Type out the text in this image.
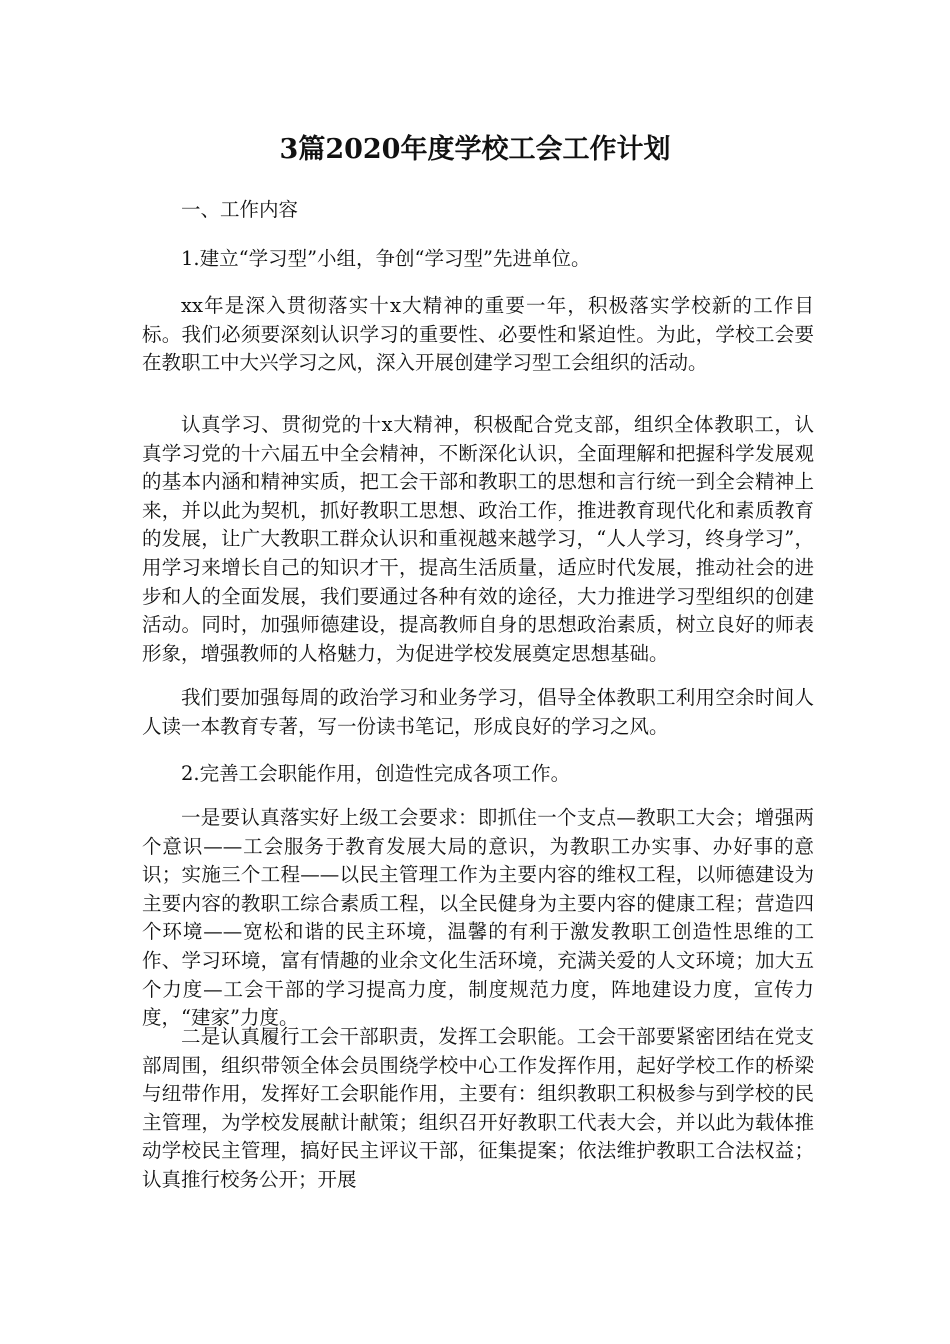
3篇2020年度学校工会工作计划

一、工作内容

1.建立“学习型”小组，争创“学习型”先进单位。

xx年是深入贯彻落实十x大精神的重要一年，积极落实学校新的工作目标。我们必须要深刻认识学习的重要性、必要性和紧迫性。为此，学校工会要在教职工中大兴学习之风，深入开展创建学习型工会组织的活动。

认真学习、贯彻党的十x大精神，积极配合党支部，组织全体教职工，认真学习党的十六届五中全会精神，不断深化认识，全面理解和把握科学发展观的基本内涵和精神实质，把工会干部和教职工的思想和言行统一到全会精神上来，并以此为契机，抓好教职工思想、政治工作，推进教育现代化和素质教育的发展，让广大教职工群众认识和重视越来越学习，“人人学习，终身学习”，用学习来增长自己的知识才干，提高生活质量，适应时代发展，推动社会的进步和人的全面发展，我们要通过各种有效的途径，大力推进学习型组织的创建活动。同时，加强师德建设，提高教师自身的思想政治素质，树立良好的师表形象，增强教师的人格魅力，为促进学校发展奠定思想基础。

我们要加强每周的政治学习和业务学习，倡导全体教职工利用空余时间人人读一本教育专著，写一份读书笔记，形成良好的学习之风。

2.完善工会职能作用，创造性完成各项工作。

一是要认真落实好上级工会要求：即抓住一个支点—教职工大会；增强两个意识——工会服务于教育发展大局的意识，为教职工办实事、办好事的意识；实施三个工程——以民主管理工作为主要内容的维权工程，以师德建设为主要内容的教职工综合素质工程，以全民健身为主要内容的健康工程；营造四个环境——宽松和谐的民主环境，温馨的有利于激发教职工创造性思维的工作、学习环境，富有情趣的业余文化生活环境，充满关爱的人文环境；加大五个力度—工会干部的学习提高力度，制度规范力度，阵地建设力度，宣传力度，“建家”力度。

二是认真履行工会干部职责，发挥工会职能。工会干部要紧密团结在党支部周围，组织带领全体会员围绕学校中心工作发挥作用，起好学校工作的桥梁与纽带作用，发挥好工会职能作用，主要有：组织教职工积极参与到学校的民主管理，为学校发展献计献策；组织召开好教职工代表大会，并以此为载体推动学校民主管理，搞好民主评议干部，征集提案；依法维护教职工合法权益；认真推行校务公开；开展
